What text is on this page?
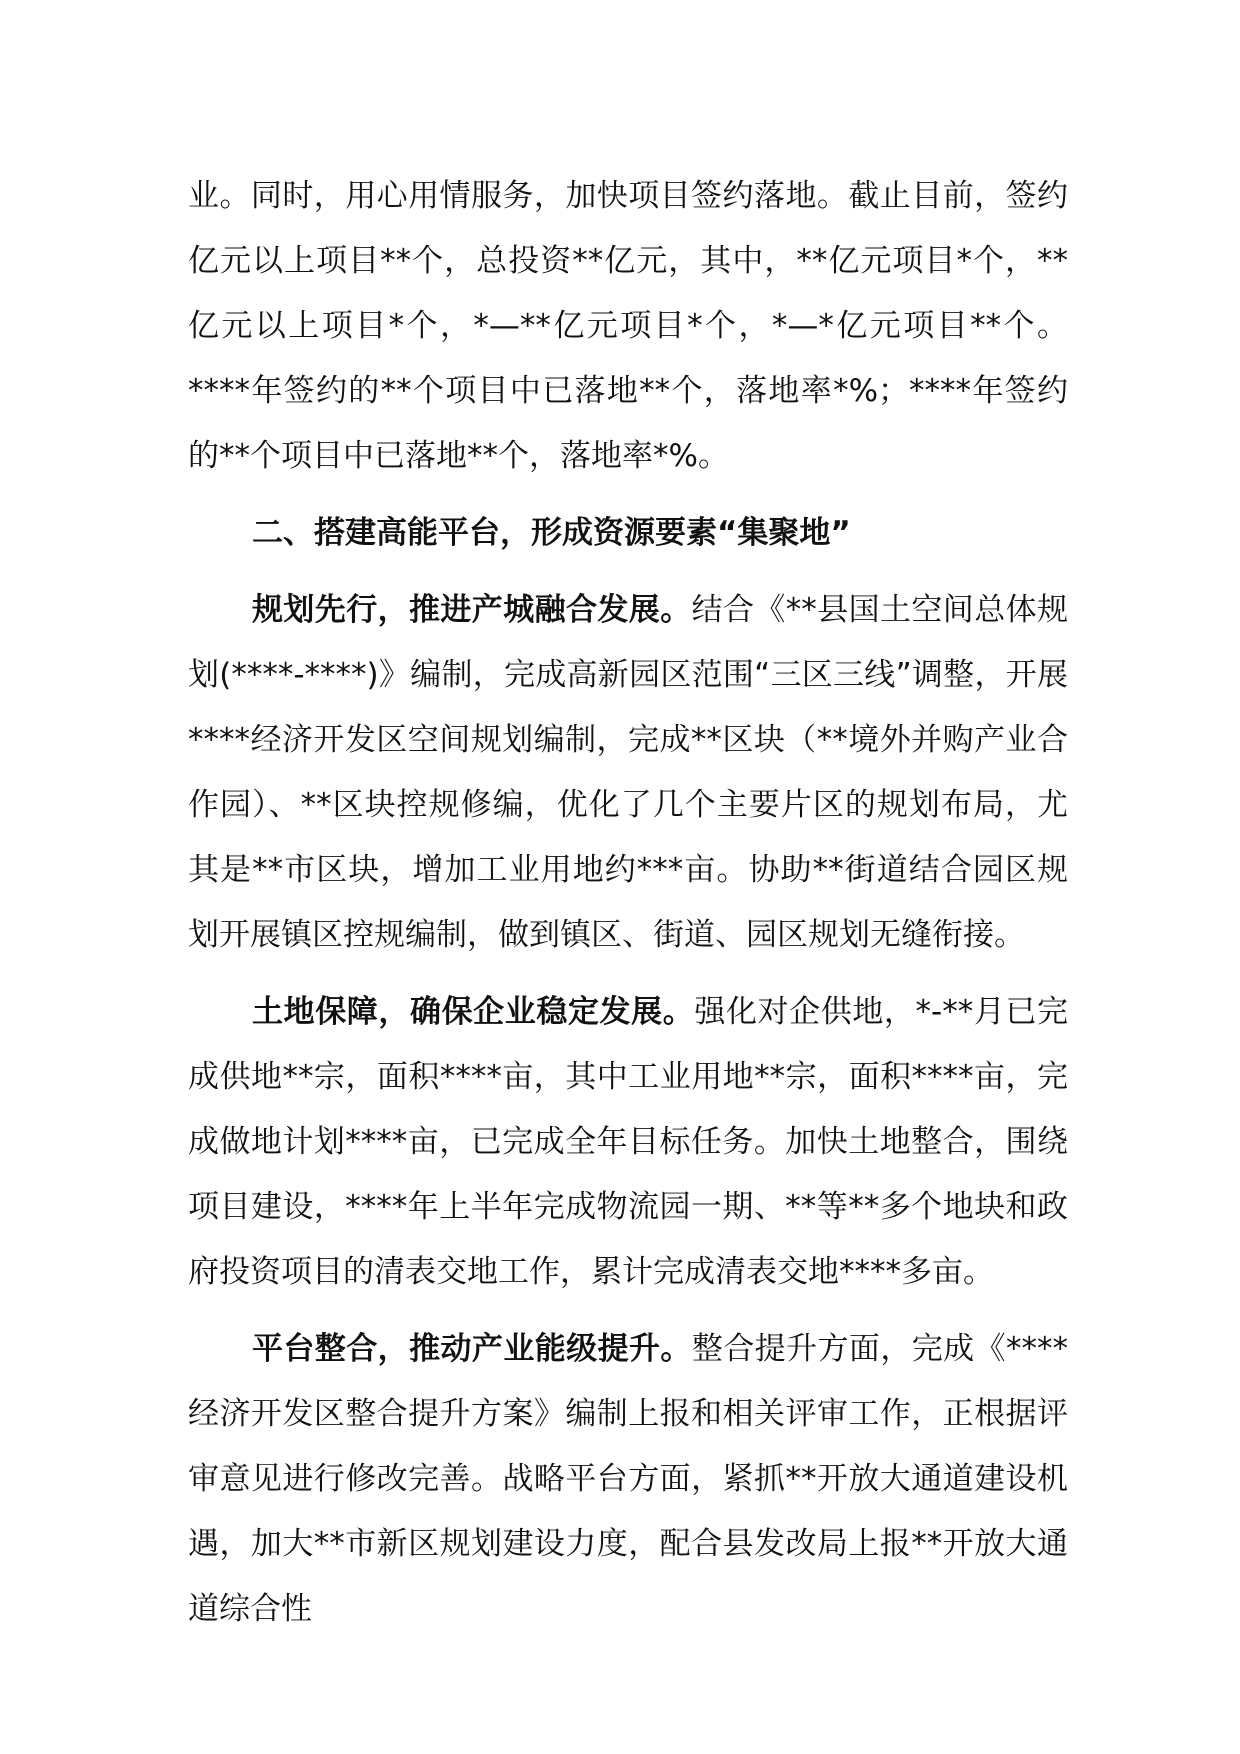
业。同时，用心用情服务，加快项目签约落地。截止目前，签约亿元以上项目**个，总投资**亿元，其中，**亿元项目*个，**亿元以上项目*个，*—**亿元项目*个，*—*亿元项目**个。****年签约的**个项目中已落地**个，落地率*%；****年签约的**个项目中已落地**个，落地率*%。

二、搭建高能平台，形成资源要素“集聚地”

规划先行，推进产城融合发展。结合《**县国土空间总体规划(****-****)》编制，完成高新园区范围“三区三线”调整，开展****经济开发区空间规划编制，完成**区块（**境外并购产业合作园）、**区块控规修编，优化了几个主要片区的规划布局，尤其是**市区块，增加工业用地约***亩。协助**街道结合园区规划开展镇区控规编制，做到镇区、街道、园区规划无缝衔接。

土地保障，确保企业稳定发展。强化对企供地，*-**月已完成供地**宗，面积****亩，其中工业用地**宗，面积****亩，完成做地计划****亩，已完成全年目标任务。加快土地整合，围绕项目建设，****年上半年完成物流园一期、**等**多个地块和政府投资项目的清表交地工作，累计完成清表交地****多亩。

平台整合，推动产业能级提升。整合提升方面，完成《****经济开发区整合提升方案》编制上报和相关评审工作，正根据评审意见进行修改完善。战略平台方面，紧抓**开放大通道建设机遇，加大**市新区规划建设力度，配合县发改局上报**开放大通道综合性
